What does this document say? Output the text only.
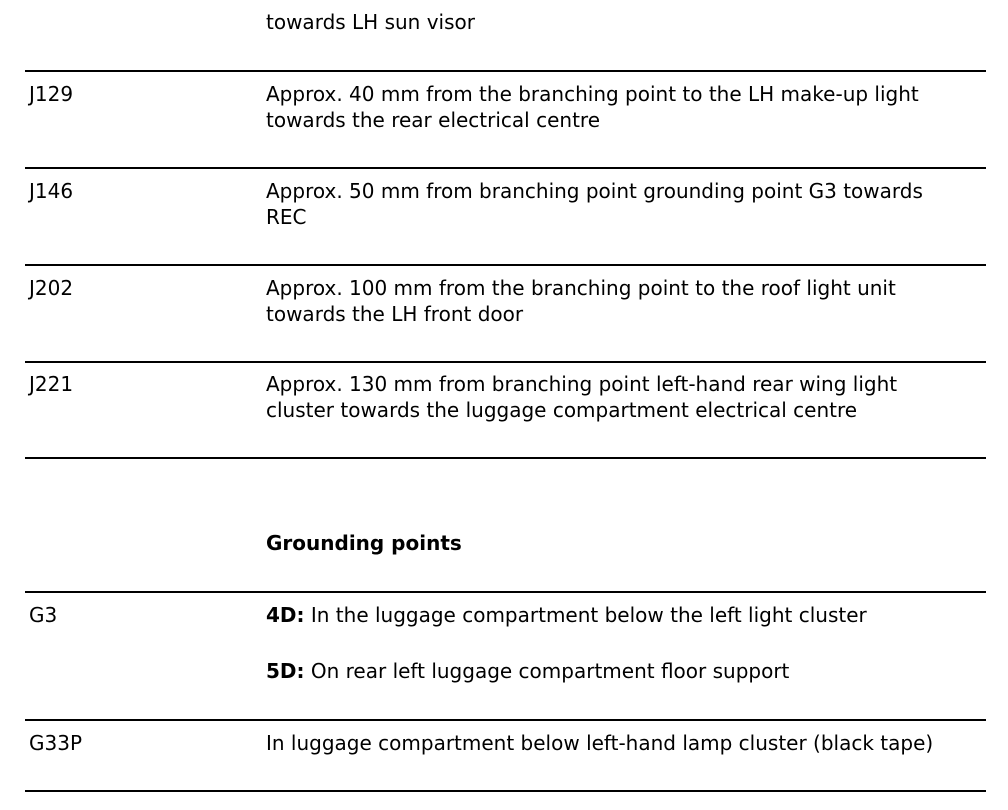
towards LH sun visor
J129	Approx. 40 mm from the branching point to the LH make-up light
towards the rear electrical centre
J146	Approx. 50 mm from branching point grounding point G3 towards
REC
J202	Approx. 100 mm from the branching point to the roof light unit
towards the LH front door
J221	Approx. 130 mm from branching point left-hand rear wing light
cluster towards the luggage compartment electrical centre
Grounding points
G3	4D: In the luggage compartment below the left light cluster
5D: On rear left luggage compartment floor support
G33P	In luggage compartment below left-hand lamp cluster (black tape)
